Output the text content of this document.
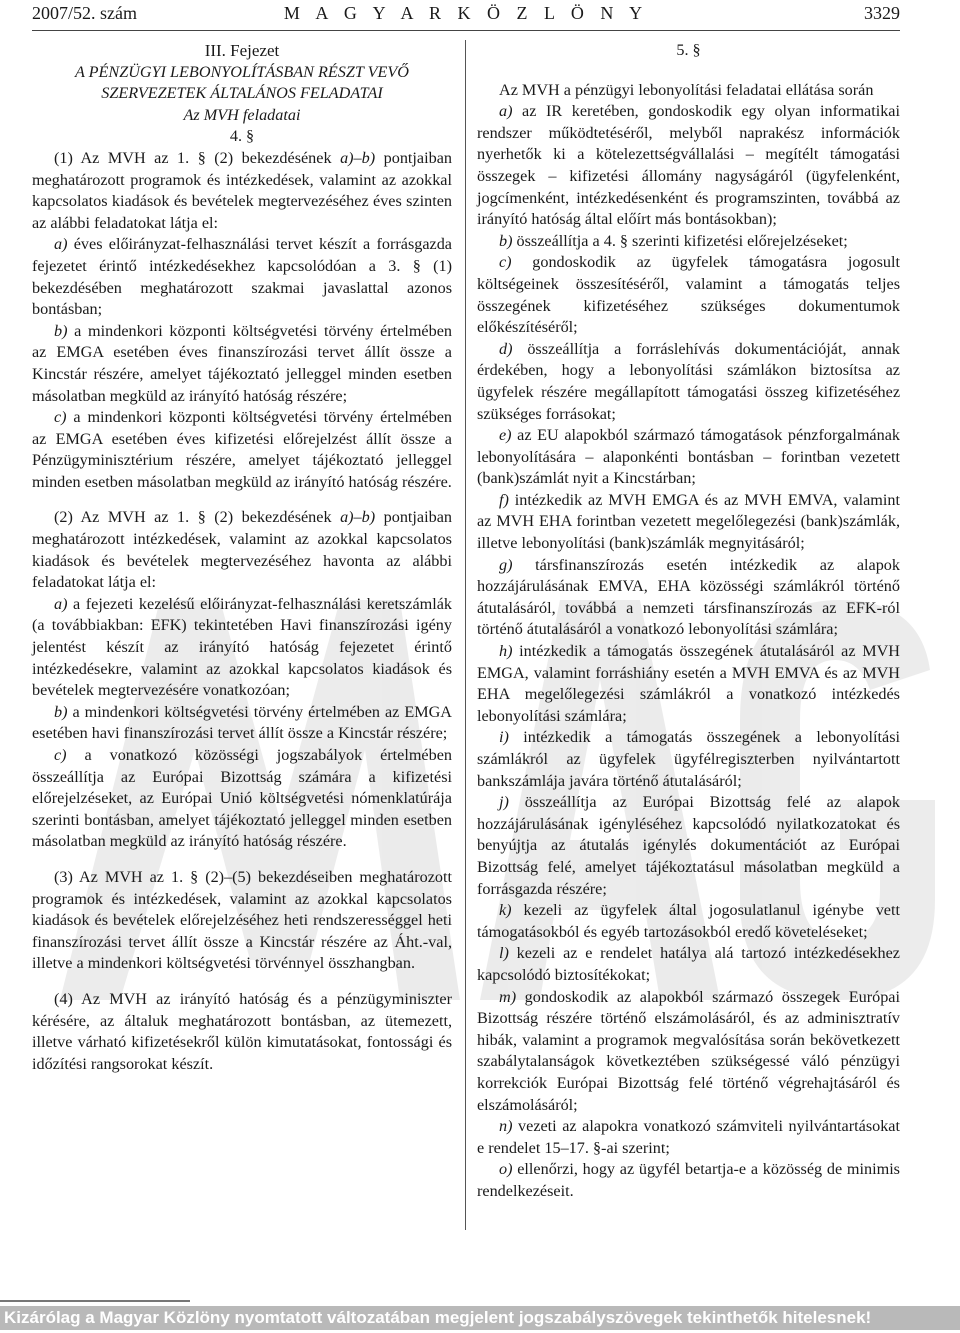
2007/52. szám	M A G Y A R K Ö Z L Ö N Y	3329

III. Fejezet

A PÉNZÜGYI LEBONYOLÍTÁSBAN RÉSZT VEVŐ SZERVEZETEK ÁLTALÁNOS FELADATAI

Az MVH feladatai

4. §

(1) Az MVH az 1. § (2) bekezdésének a)–b) pontjaiban meghatározott programok és intézkedések, valamint az azokkal kapcsolatos kiadások és bevételek megtervezéséhez éves szinten az alábbi feladatokat látja el:

a) éves előirányzat-felhasználási tervet készít a forrásgazda fejezetet érintő intézkedésekhez kapcsolódóan a 3. § (1) bekezdésében meghatározott szakmai javaslattal azonos bontásban;

b) a mindenkori központi költségvetési törvény értelmében az EMGA esetében éves finanszírozási tervet állít össze a Kincstár részére, amelyet tájékoztató jelleggel minden esetben másolatban megküld az irányító hatóság részére;

c) a mindenkori központi költségvetési törvény értelmében az EMGA esetében éves kifizetési előrejelzést állít össze a Pénzügyminisztérium részére, amelyet tájékoztató jelleggel minden esetben másolatban megküld az irányító hatóság részére.

(2) Az MVH az 1. § (2) bekezdésének a)–b) pontjaiban meghatározott intézkedések, valamint az azokkal kapcsolatos kiadások és bevételek megtervezéséhez havonta az alábbi feladatokat látja el:

a) a fejezeti kezelésű előirányzat-felhasználási keretszámlák (a továbbiakban: EFK) tekintetében Havi finanszírozási igény jelentést készít az irányító hatóság fejezetet érintő intézkedésekre, valamint az azokkal kapcsolatos kiadások és bevételek megtervezésére vonatkozóan;

b) a mindenkori költségvetési törvény értelmében az EMGA esetében havi finanszírozási tervet állít össze a Kincstár részére;

c) a vonatkozó közösségi jogszabályok értelmében összeállítja az Európai Bizottság számára a kifizetési előrejelzéseket, az Európai Unió költségvetési nómenklatúrája szerinti bontásban, amelyet tájékoztató jelleggel minden esetben másolatban megküld az irányító hatóság részére.

(3) Az MVH az 1. § (2)–(5) bekezdéseiben meghatározott programok és intézkedések, valamint az azokkal kapcsolatos kiadások és bevételek előrejelzéséhez heti rendszerességgel heti finanszírozási tervet állít össze a Kincstár részére az Áht.-val, illetve a mindenkori költségvetési törvénnyel összhangban.

(4) Az MVH az irányító hatóság és a pénzügyminiszter kérésére, az általuk meghatározott bontásban, az ütemezett, illetve várható kifizetésekről külön kimutatásokat, fontossági és időzítési rangsorokat készít.

5. §

Az MVH a pénzügyi lebonyolítási feladatai ellátása során

a) az IR keretében, gondoskodik egy olyan informatikai rendszer működtetéséről, melyből naprakész információk nyerhetők ki a kötelezettségvállalási – megítélt támogatási összegek – kifizetési állomány nagyságáról (ügyfelenként, jogcímenként, intézkedésenként és programszinten, továbbá az irányító hatóság által előírt más bontásokban);

b) összeállítja a 4. § szerinti kifizetési előrejelzéseket;

c) gondoskodik az ügyfelek támogatásra jogosult költségeinek összesítéséről, valamint a támogatás teljes összegének kifizetéséhez szükséges dokumentumok előkészítéséről;

d) összeállítja a forráslehívás dokumentációját, annak érdekében, hogy a lebonyolítási számlákon biztosítsa az ügyfelek részére megállapított támogatási összeg kifizetéséhez szükséges forrásokat;

e) az EU alapokból származó támogatások pénzforgalmának lebonyolítására – alaponkénti bontásban – forintban vezetett (bank)számlát nyit a Kincstárban;

f) intézkedik az MVH EMGA és az MVH EMVA, valamint az MVH EHA forintban vezetett megelőlegezési (bank)számlák, illetve lebonyolítási (bank)számlák megnyitásáról;

g) társfinanszírozás esetén intézkedik az alapok hozzájárulásának EMVA, EHA közösségi számlákról történő átutalásáról, továbbá a nemzeti társfinanszírozás az EFK-ról történő átutalásáról a vonatkozó lebonyolítási számlára;

h) intézkedik a támogatás összegének átutalásáról az MVH EMGA, valamint forráshiány esetén a MVH EMVA és az MVH EHA megelőlegezési számlákról a vonatkozó intézkedés lebonyolítási számlára;

i) intézkedik a támogatás összegének a lebonyolítási számlákról az ügyfelek ügyfélregiszterben nyilvántartott bankszámlája javára történő átutalásáról;

j) összeállítja az Európai Bizottság felé az alapok hozzájárulásának igényléséhez kapcsolódó nyilatkozatokat és benyújtja az átutalás igénylés dokumentációt az Európai Bizottság felé, amelyet tájékoztatásul másolatban megküld a forrásgazda részére;

k) kezeli az ügyfelek által jogosulatlanul igénybe vett támogatásokból és egyéb tartozásokból eredő követeléseket;

l) kezeli az e rendelet hatálya alá tartozó intézkedésekhez kapcsolódó biztosítékokat;

m) gondoskodik az alapokból származó összegek Európai Bizottság részére történő elszámolásáról, és az adminisztratív hibák, valamint a programok megvalósítása során bekövetkezett szabálytalanságok következtében szükségessé váló pénzügyi korrekciók Európai Bizottság felé történő végrehajtásáról és elszámolásáról;

n) vezeti az alapokra vonatkozó számviteli nyilvántartásokat e rendelet 15–17. §-ai szerint;

o) ellenőrzi, hogy az ügyfél betartja-e a közösség de minimis rendelkezéseit.

Kizárólag a Magyar Közlöny nyomtatott változatában megjelent jogszabályszövegek tekinthetők hitelesnek!
